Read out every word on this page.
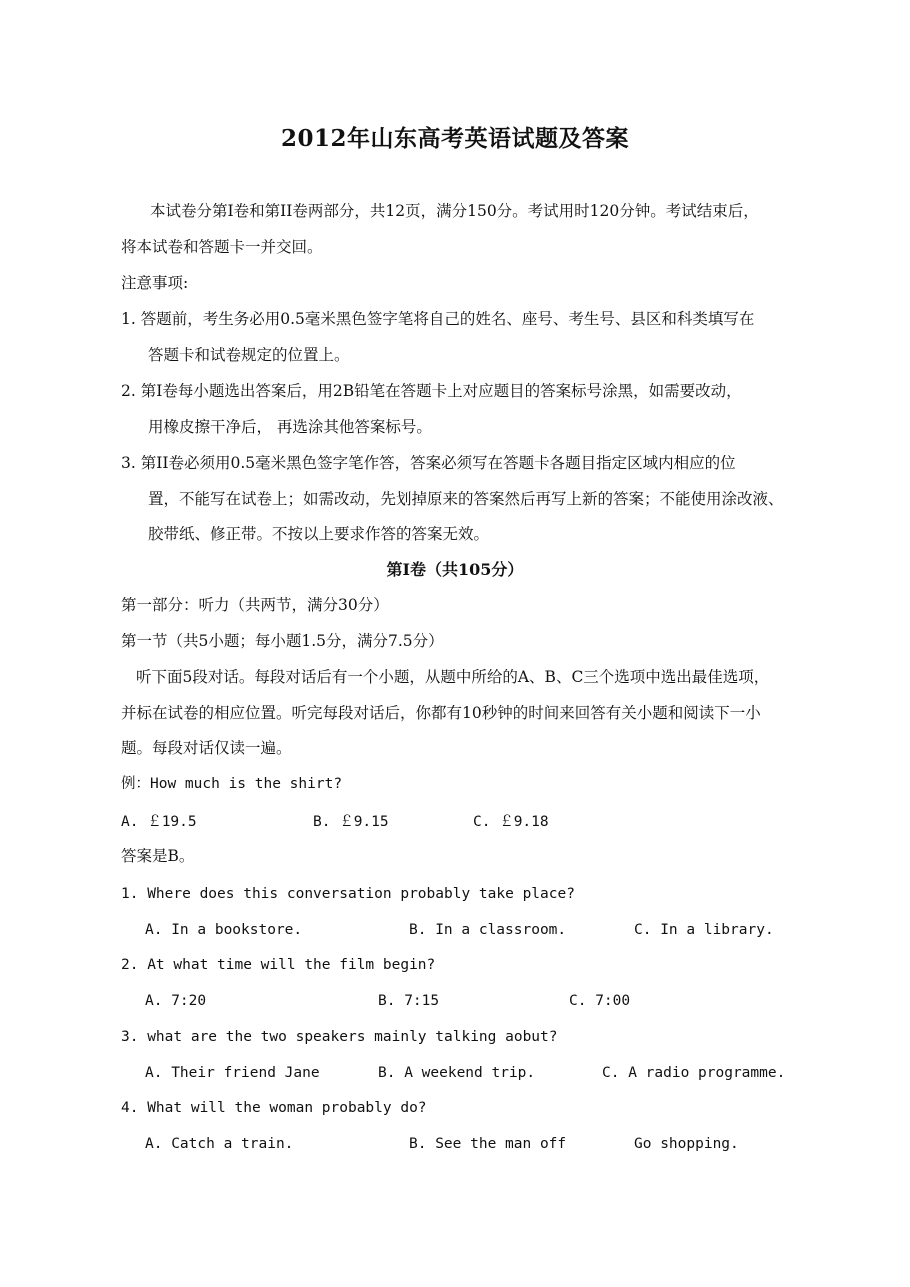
2012年山东高考英语试题及答案
本试卷分第Ⅰ卷和第II卷两部分，共12页，满分150分。考试用时120分钟。考试结束后，
将本试卷和答题卡一并交回。
注意事项:
1. 答题前，考生务必用0.5毫米黑色签字笔将自己的姓名、座号、考生号、县区和科类填写在
答题卡和试卷规定的位置上。
2. 第Ⅰ卷每小题选出答案后，用2B铅笔在答题卡上对应题目的答案标号涂黑，如需要改动，
用橡皮擦干净后， 再选涂其他答案标号。
3. 第II卷必须用0.5毫米黑色签字笔作答，答案必须写在答题卡各题目指定区域内相应的位
置，不能写在试卷上；如需改动，先划掉原来的答案然后再写上新的答案；不能使用涂改液、
胶带纸、修正带。不按以上要求作答的答案无效。
第Ⅰ卷（共105分）
第一部分：听力（共两节，满分30分）
第一节（共5小题；每小题1.5分，满分7.5分）
听下面5段对话。每段对话后有一个小题，从题中所给的A、B、C三个选项中选出最佳选项，
并标在试卷的相应位置。听完每段对话后，你都有10秒钟的时间来回答有关小题和阅读下一小
题。每段对话仅读一遍。
例：How much is the shirt?
A. ￡19.5	B. ￡9.15	C. ￡9.18
答案是B。
1. Where does this conversation probably take place?
A. In a bookstore.	B. In a classroom.	C. In a library.
2. At what time will the film begin?
A. 7:20	B. 7:15	C. 7:00
3. what are the two speakers mainly talking aobut?
A. Their friend Jane	B. A weekend trip.	C. A radio programme.
4. What will the woman probably do?
A. Catch a train.	B. See the man off	Go shopping.
